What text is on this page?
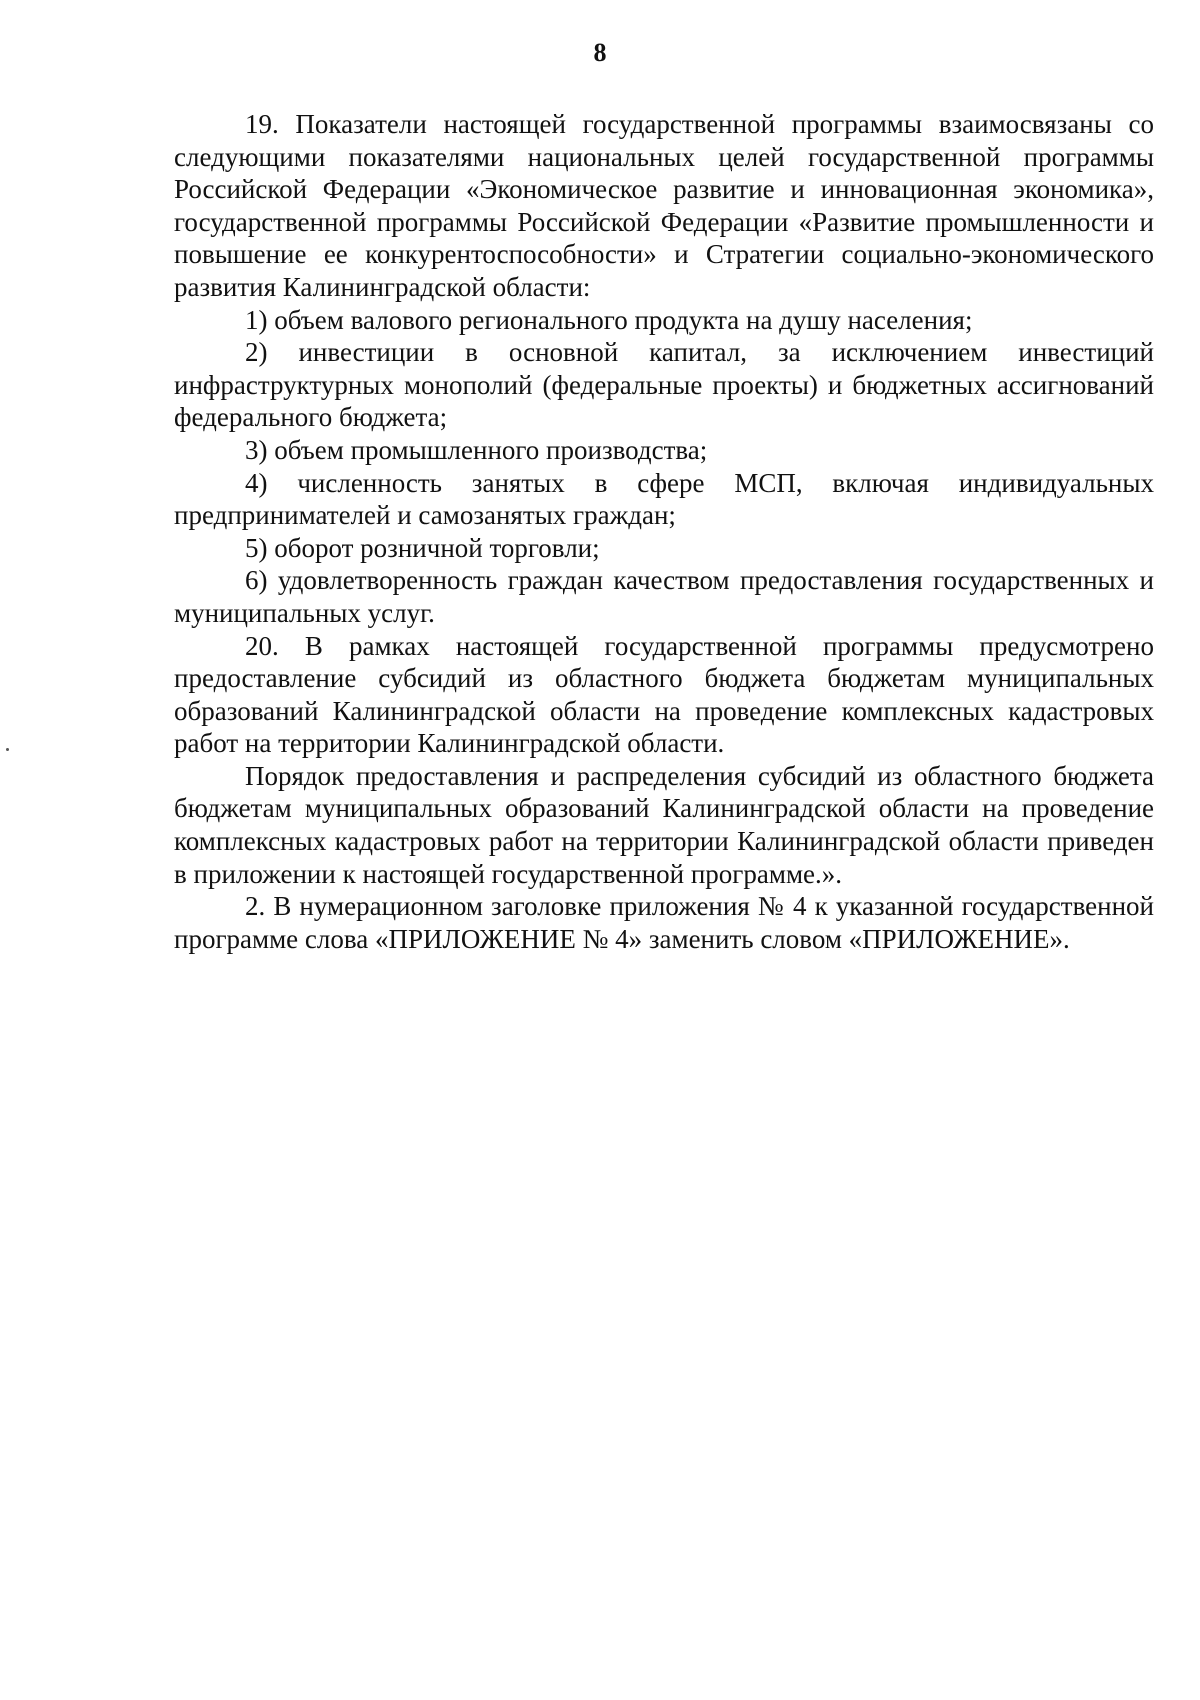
8

19. Показатели настоящей государственной программы взаимосвязаны со следующими показателями национальных целей государственной программы Российской Федерации «Экономическое развитие и инновационная экономика», государственной программы Российской Федерации «Развитие промышленности и повышение ее конкурентоспособности» и Стратегии социально-экономического развития Калининградской области:

1) объем валового регионального продукта на душу населения;

2) инвестиции в основной капитал, за исключением инвестиций инфраструктурных монополий (федеральные проекты) и бюджетных ассигнований федерального бюджета;

3) объем промышленного производства;

4) численность занятых в сфере МСП, включая индивидуальных предпринимателей и самозанятых граждан;

5) оборот розничной торговли;

6) удовлетворенность граждан качеством предоставления государственных и муниципальных услуг.

20. В рамках настоящей государственной программы предусмотрено предоставление субсидий из областного бюджета бюджетам муниципальных образований Калининградской области на проведение комплексных кадастровых работ на территории Калининградской области.

Порядок предоставления и распределения субсидий из областного бюджета бюджетам муниципальных образований Калининградской области на проведение комплексных кадастровых работ на территории Калининградской области приведен в приложении к настоящей государственной программе.».

2. В нумерационном заголовке приложения № 4 к указанной государственной программе слова «ПРИЛОЖЕНИЕ № 4» заменить словом «ПРИЛОЖЕНИЕ».
